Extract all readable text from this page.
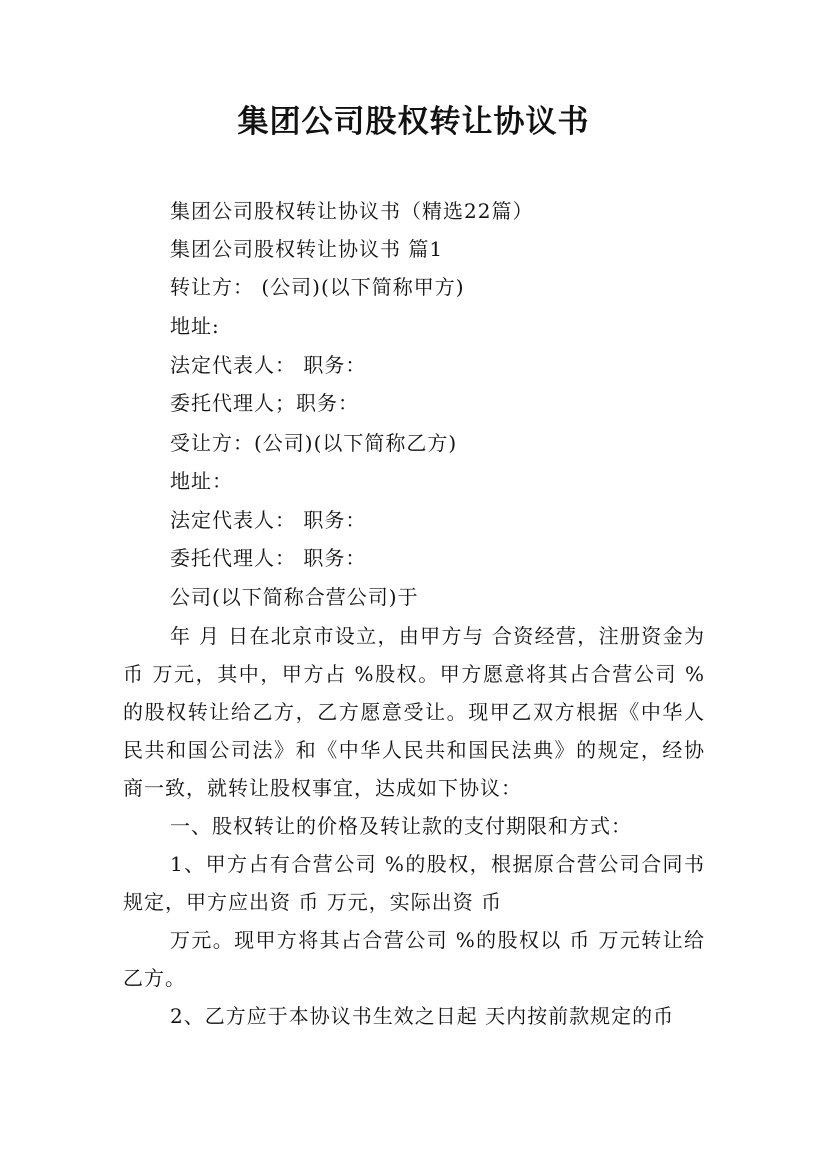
集团公司股权转让协议书
集团公司股权转让协议书（精选22篇）
集团公司股权转让协议书 篇1
转让方： (公司)(以下简称甲方)
地址:
法定代表人： 职务：
委托代理人；职务：
受让方：(公司)(以下简称乙方)
地址：
法定代表人： 职务：
委托代理人： 职务：
公司(以下简称合营公司)于

年 月 日在北京市设立，由甲方与 合资经营，注册资金为 币 万元，其中，甲方占 %股权。甲方愿意将其占合营公司 %的股权转让给乙方，乙方愿意受让。现甲乙双方根据《中华人民共和国公司法》和《中华人民共和国民法典》的规定，经协商一致，就转让股权事宜，达成如下协议：

一、股权转让的价格及转让款的支付期限和方式：

1、甲方占有合营公司 %的股权，根据原合营公司合同书规定，甲方应出资 币 万元，实际出资 币

万元。现甲方将其占合营公司 %的股权以 币 万元转让给乙方。

2、乙方应于本协议书生效之日起 天内按前款规定的币
